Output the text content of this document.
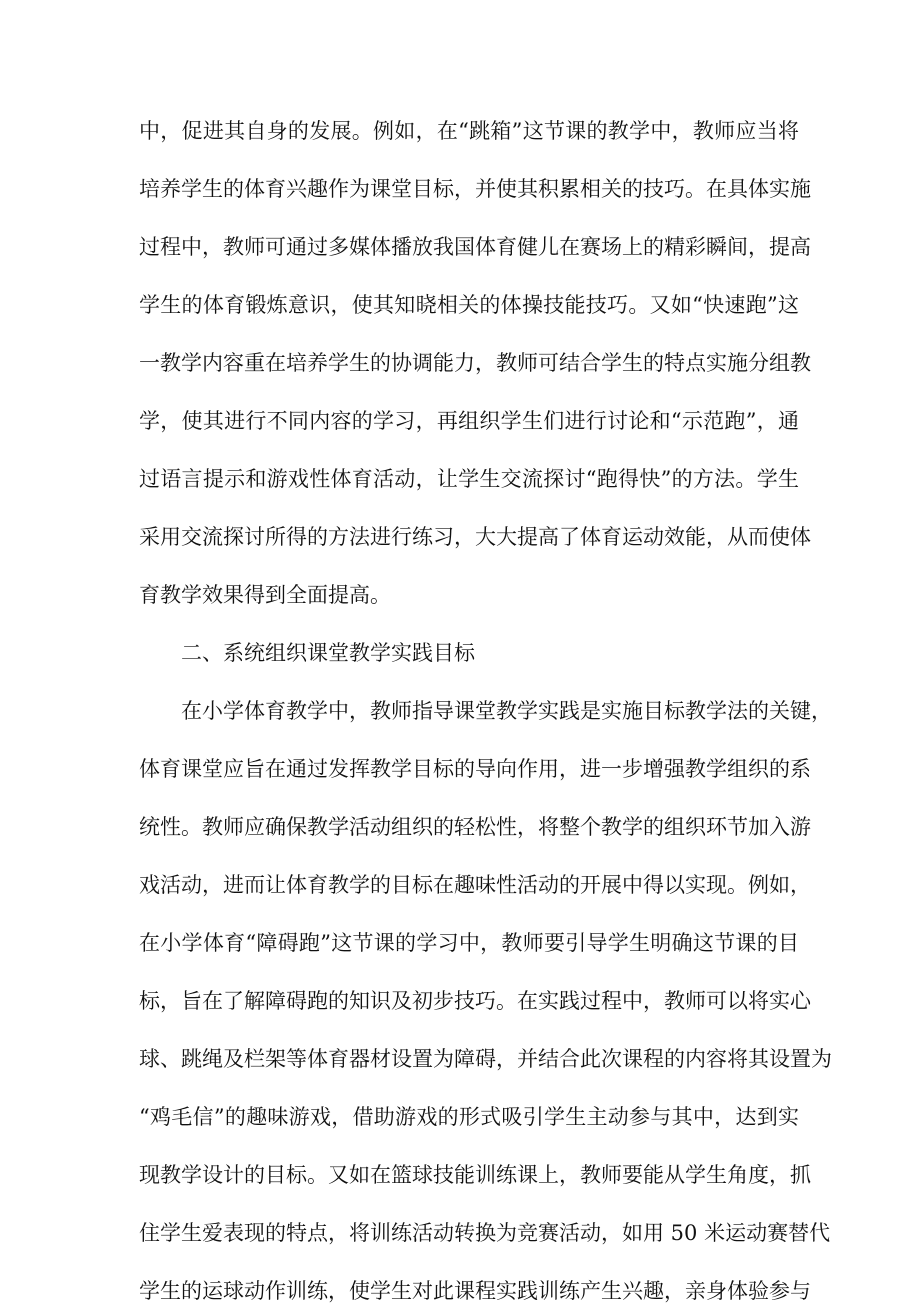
中，促进其自身的发展。例如，在“跳箱”这节课的教学中，教师应当将
培养学生的体育兴趣作为课堂目标，并使其积累相关的技巧。在具体实施
过程中，教师可通过多媒体播放我国体育健儿在赛场上的精彩瞬间，提高
学生的体育锻炼意识，使其知晓相关的体操技能技巧。又如“快速跑”这
一教学内容重在培养学生的协调能力，教师可结合学生的特点实施分组教
学，使其进行不同内容的学习，再组织学生们进行讨论和“示范跑”，通
过语言提示和游戏性体育活动，让学生交流探讨“跑得快”的方法。学生
采用交流探讨所得的方法进行练习，大大提高了体育运动效能，从而使体
育教学效果得到全面提高。
二、系统组织课堂教学实践目标
在小学体育教学中，教师指导课堂教学实践是实施目标教学法的关键，
体育课堂应旨在通过发挥教学目标的导向作用，进一步增强教学组织的系
统性。教师应确保教学活动组织的轻松性，将整个教学的组织环节加入游
戏活动，进而让体育教学的目标在趣味性活动的开展中得以实现。例如，
在小学体育“障碍跑”这节课的学习中，教师要引导学生明确这节课的目
标，旨在了解障碍跑的知识及初步技巧。在实践过程中，教师可以将实心
球、跳绳及栏架等体育器材设置为障碍，并结合此次课程的内容将其设置为
“鸡毛信”的趣味游戏，借助游戏的形式吸引学生主动参与其中，达到实
现教学设计的目标。又如在篮球技能训练课上，教师要能从学生角度，抓
住学生爱表现的特点，将训练活动转换为竞赛活动，如用 50 米运动赛替代
学生的运球动作训练，使学生对此课程实践训练产生兴趣，亲身体验参与
